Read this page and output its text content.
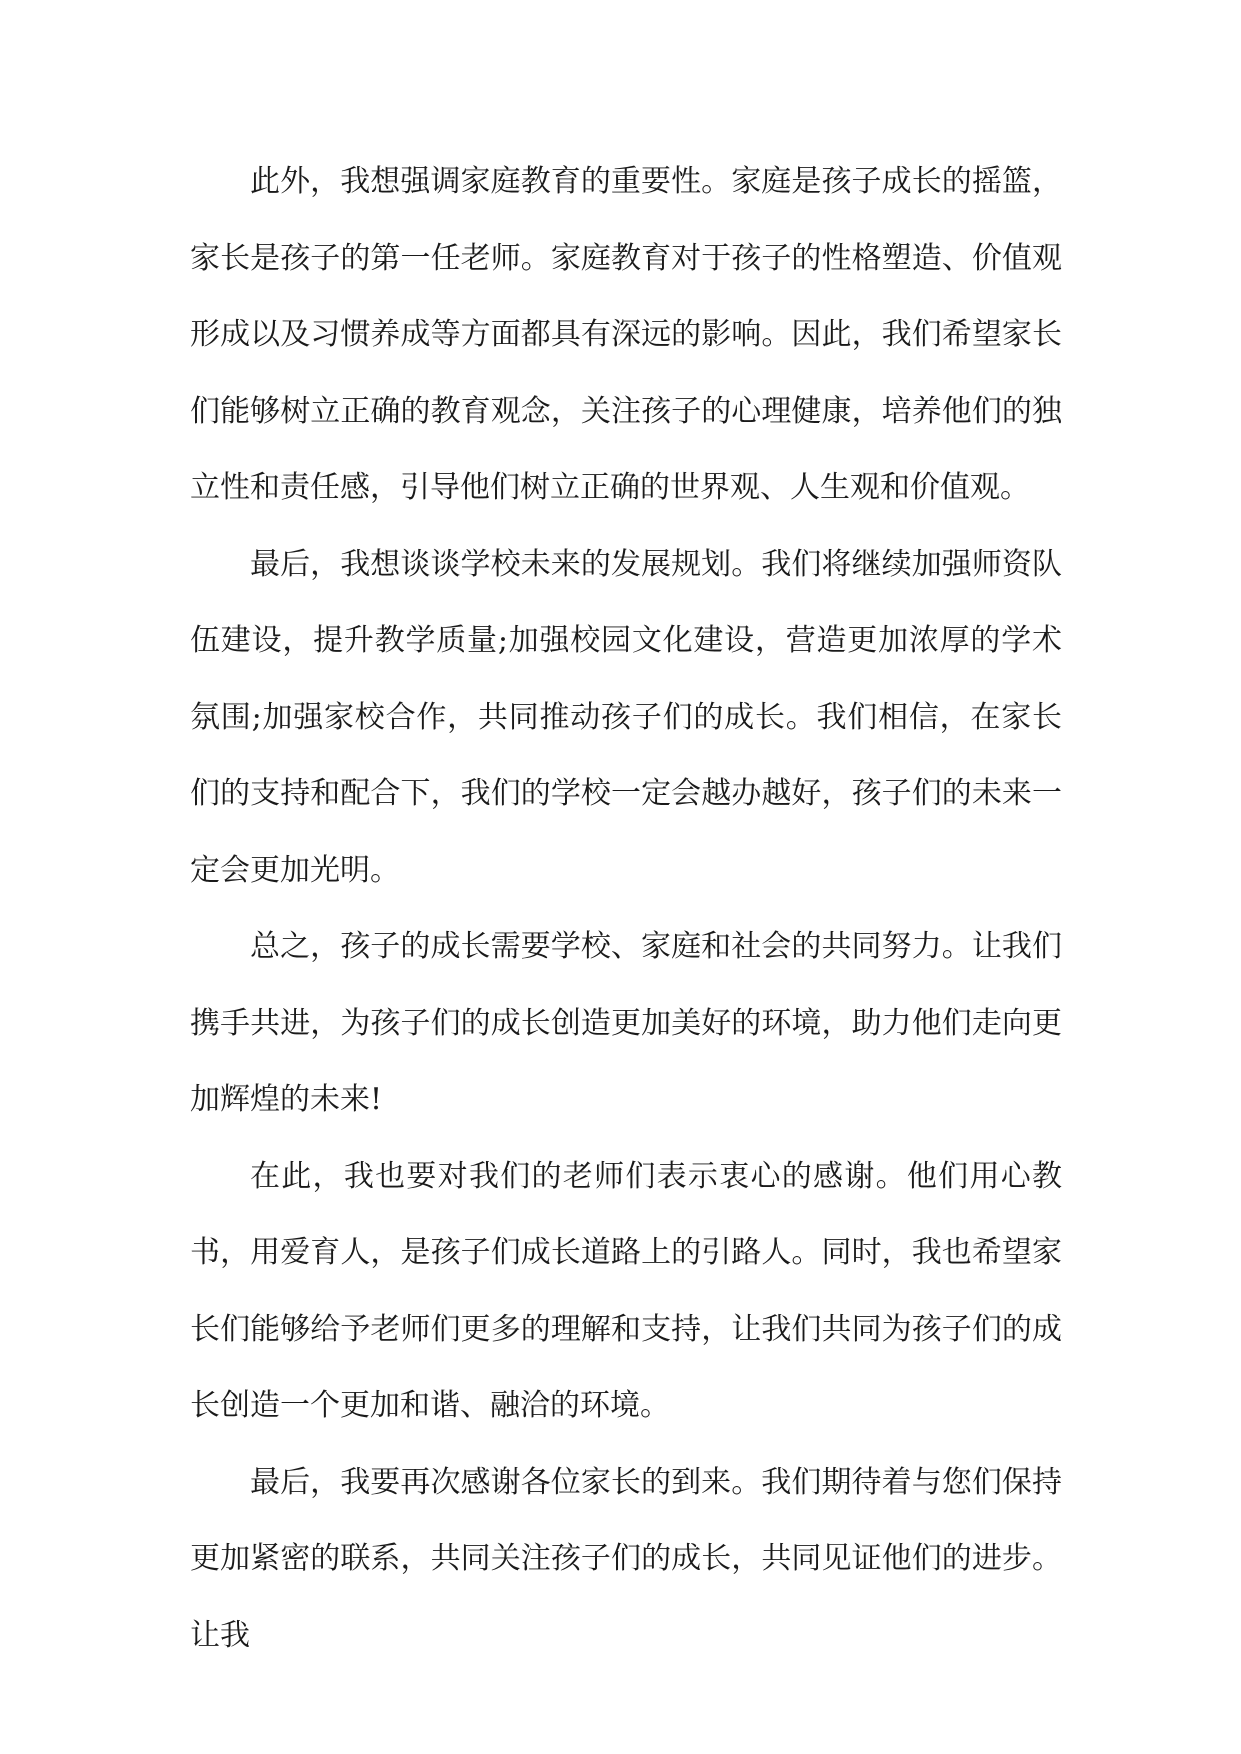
此外，我想强调家庭教育的重要性。家庭是孩子成长的摇篮，家长是孩子的第一任老师。家庭教育对于孩子的性格塑造、价值观形成以及习惯养成等方面都具有深远的影响。因此，我们希望家长们能够树立正确的教育观念，关注孩子的心理健康，培养他们的独立性和责任感，引导他们树立正确的世界观、人生观和价值观。

最后，我想谈谈学校未来的发展规划。我们将继续加强师资队伍建设，提升教学质量;加强校园文化建设，营造更加浓厚的学术氛围;加强家校合作，共同推动孩子们的成长。我们相信，在家长们的支持和配合下，我们的学校一定会越办越好，孩子们的未来一定会更加光明。

总之，孩子的成长需要学校、家庭和社会的共同努力。让我们携手共进，为孩子们的成长创造更加美好的环境，助力他们走向更加辉煌的未来!

在此，我也要对我们的老师们表示衷心的感谢。他们用心教书，用爱育人，是孩子们成长道路上的引路人。同时，我也希望家长们能够给予老师们更多的理解和支持，让我们共同为孩子们的成长创造一个更加和谐、融洽的环境。

最后，我要再次感谢各位家长的到来。我们期待着与您们保持更加紧密的联系，共同关注孩子们的成长，共同见证他们的进步。让我
